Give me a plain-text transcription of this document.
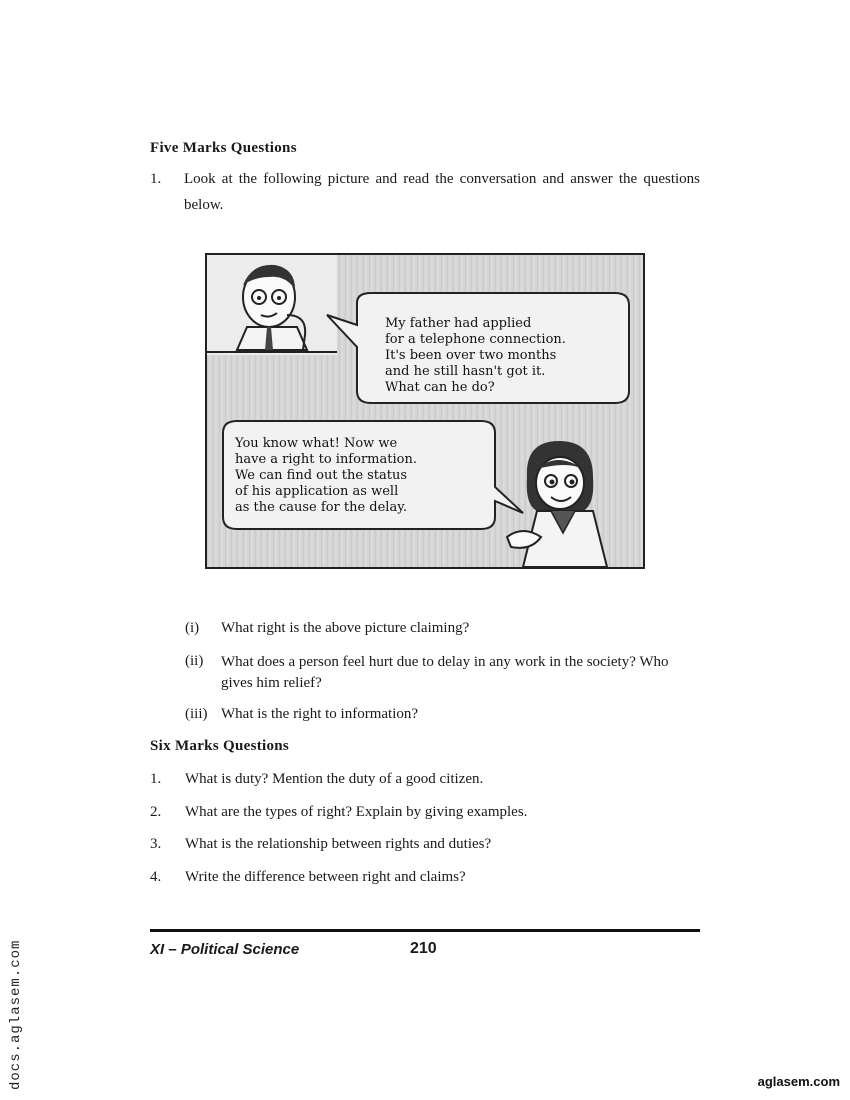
Five Marks Questions
1.	Look at the following picture and read the conversation and answer the questions below.
My father had applied
for a telephone connection.
It's been over two months
and he still hasn't got it.
What can he do?
You know what! Now we
have a right to information.
We can find out the status
of his application as well
as the cause for the delay.
(i) What right is the above picture claiming?
(ii) What does a person feel hurt due to delay in any work in the society? Who gives him relief?
(iii) What is the right to information?
Six Marks Questions
1.	What is duty? Mention the duty of a good citizen.
2.	What are the types of right? Explain by giving examples.
3.	What is the relationship between rights and duties?
4.	Write the difference between right and claims?
XI – Political Science	210
docs.aglasem.com	aglasem.com
